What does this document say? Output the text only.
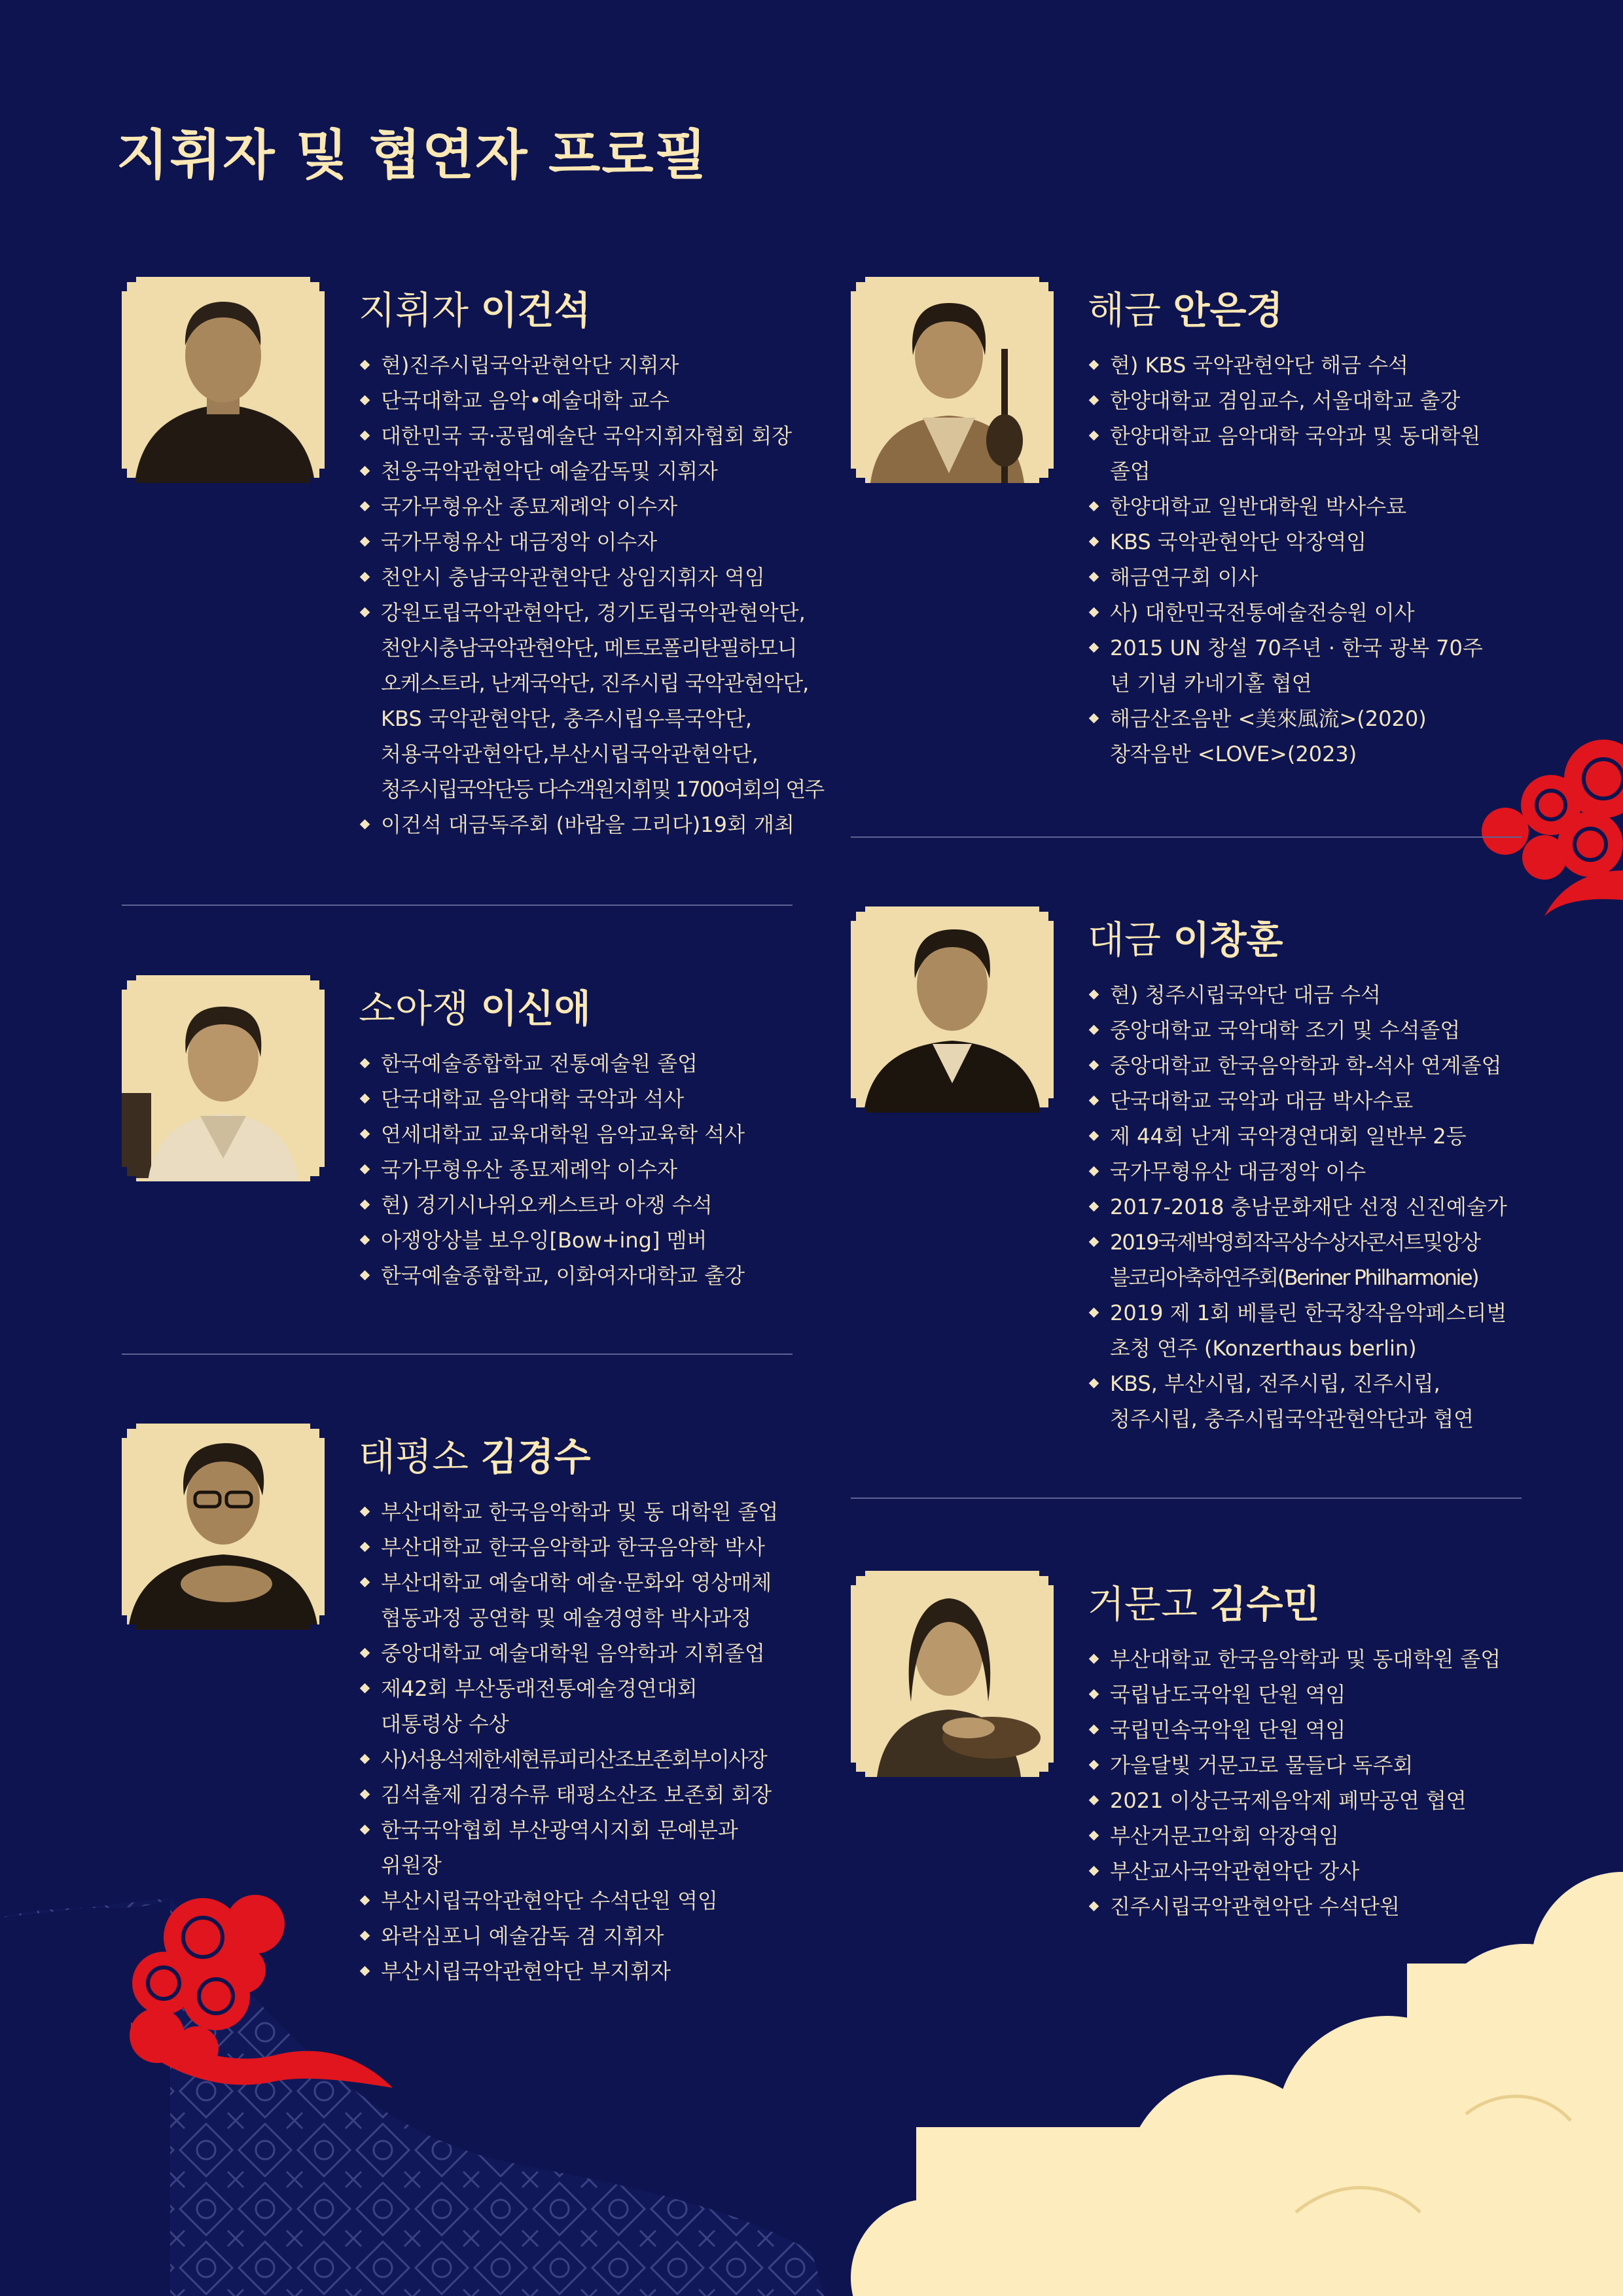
지휘자 및 협연자 프로필
지휘자 이건석
현)진주시립국악관현악단 지휘자
단국대학교 음악•예술대학 교수
대한민국 국·공립예술단 국악지휘자협회 회장
천웅국악관현악단 예술감독및 지휘자
국가무형유산 종묘제례악 이수자
국가무형유산 대금정악 이수자
천안시 충남국악관현악단 상임지휘자 역임
강원도립국악관현악단, 경기도립국악관현악단,
천안시충남국악관현악단, 메트로폴리탄필하모니
오케스트라, 난계국악단, 진주시립 국악관현악단,
KBS 국악관현악단, 충주시립우륵국악단,
처용국악관현악단,부산시립국악관현악단,
청주시립국악단등 다수객원지휘및 1700여회의 연주
이건석 대금독주회 (바람을 그리다)19회 개최
소아쟁 이신애
한국예술종합학교 전통예술원 졸업
단국대학교 음악대학 국악과 석사
연세대학교 교육대학원 음악교육학 석사
국가무형유산 종묘제례악 이수자
현) 경기시나위오케스트라 아쟁 수석
아쟁앙상블 보우잉[Bow+ing] 멤버
한국예술종합학교, 이화여자대학교 출강
태평소 김경수
부산대학교 한국음악학과 및 동 대학원 졸업
부산대학교 한국음악학과 한국음악학 박사
부산대학교 예술대학 예술·문화와 영상매체
협동과정 공연학 및 예술경영학 박사과정
중앙대학교 예술대학원 음악학과 지휘졸업
제42회 부산동래전통예술경연대회
대통령상 수상
사)서용석제한세현류피리산조보존회부이사장
김석출제 김경수류 태평소산조 보존회 회장
한국국악협회 부산광역시지회 문예분과
위원장
부산시립국악관현악단 수석단원 역임
와락심포니 예술감독 겸 지휘자
부산시립국악관현악단 부지휘자
해금 안은경
현) KBS 국악관현악단 해금 수석
한양대학교 겸임교수, 서울대학교 출강
한양대학교 음악대학 국악과 및 동대학원
졸업
한양대학교 일반대학원 박사수료
KBS 국악관현악단 악장역임
해금연구회 이사
사) 대한민국전통예술전승원 이사
2015 UN 창설 70주년 · 한국 광복 70주
년 기념 카네기홀 협연
해금산조음반 <美來風流>(2020)
창작음반 <LOVE>(2023)
대금 이창훈
현) 청주시립국악단 대금 수석
중앙대학교 국악대학 조기 및 수석졸업
중앙대학교 한국음악학과 학-석사 연계졸업
단국대학교 국악과 대금 박사수료
제 44회 난계 국악경연대회 일반부 2등
국가무형유산 대금정악 이수
2017-2018 충남문화재단 선정 신진예술가
2019국제박영희작곡상수상자콘서트및앙상
블코리아축하연주회(Beriner Philharmonie)
2019 제 1회 베를린 한국창작음악페스티벌
초청 연주 (Konzerthaus berlin)
KBS, 부산시립, 전주시립, 진주시립,
청주시립, 충주시립국악관현악단과 협연
거문고 김수민
부산대학교 한국음악학과 및 동대학원 졸업
국립남도국악원 단원 역임
국립민속국악원 단원 역임
가을달빛 거문고로 물들다 독주회
2021 이상근국제음악제 폐막공연 협연
부산거문고악회 악장역임
부산교사국악관현악단 강사
진주시립국악관현악단 수석단원
